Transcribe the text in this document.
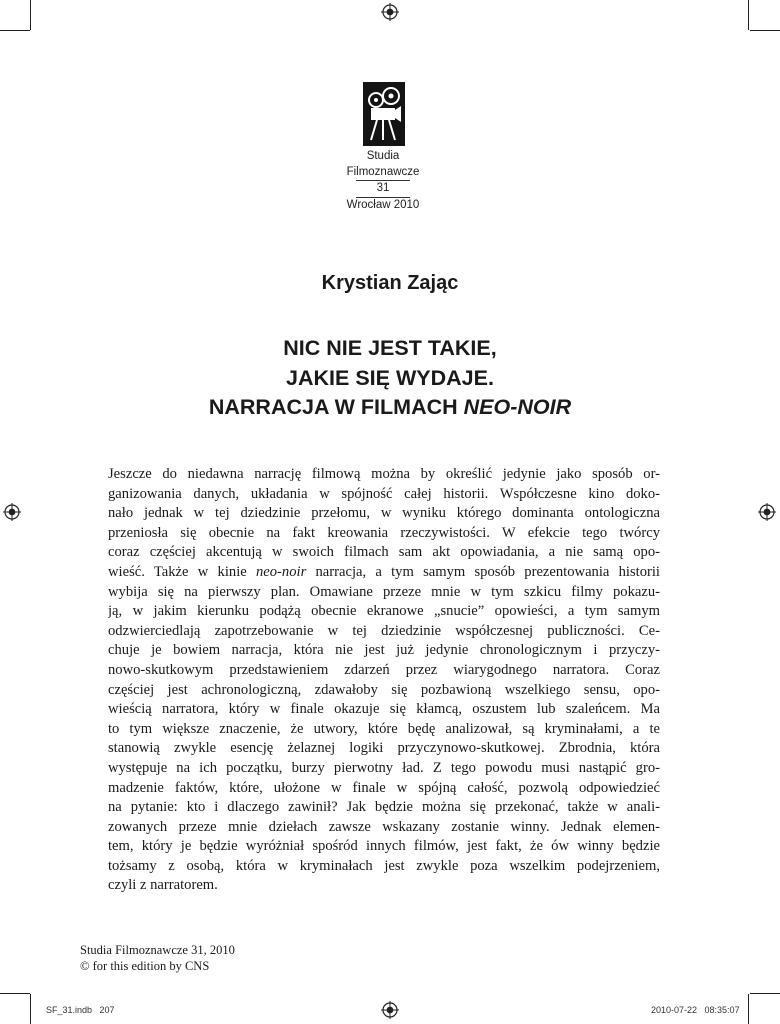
Studia
Filmoznawcze
31
Wrocław 2010
Krystian Zając
NIC NIE JEST TAKIE,
JAKIE SIĘ WYDAJE.
NARRACJA W FILMACH NEO-NOIR
Jeszcze do niedawna narrację filmową można by określić jedynie jako sposób or-
ganizowania danych, układania w spójność całej historii. Współczesne kino doko-
nało jednak w tej dziedzinie przełomu, w wyniku którego dominanta ontologiczna
przeniosła się obecnie na fakt kreowania rzeczywistości. W efekcie tego twórcy
coraz częściej akcentują w swoich filmach sam akt opowiadania, a nie samą opo-
wieść. Także w kinie neo-noir narracja, a tym samym sposób prezentowania historii
wybija się na pierwszy plan. Omawiane przeze mnie w tym szkicu filmy pokazu-
ją, w jakim kierunku podążą obecnie ekranowe „snucie” opowieści, a tym samym
odzwierciedlają zapotrzebowanie w tej dziedzinie współczesnej publiczności. Ce-
chuje je bowiem narracja, która nie jest już jedynie chronologicznym i przyczy-
nowo-skutkowym przedstawieniem zdarzeń przez wiarygodnego narratora. Coraz
częściej jest achronologiczną, zdawałoby się pozbawioną wszelkiego sensu, opo-
wieścią narratora, który w finale okazuje się kłamcą, oszustem lub szaleńcem. Ma
to tym większe znaczenie, że utwory, które będę analizował, są kryminałami, a te
stanowią zwykle esencję żelaznej logiki przyczynowo-skutkowej. Zbrodnia, która
występuje na ich początku, burzy pierwotny ład. Z tego powodu musi nastąpić gro-
madzenie faktów, które, ułożone w finale w spójną całość, pozwolą odpowiedzieć
na pytanie: kto i dlaczego zawinił? Jak będzie można się przekonać, także w anali-
zowanych przeze mnie dziełach zawsze wskazany zostanie winny. Jednak elemen-
tem, który je będzie wyróżniał spośród innych filmów, jest fakt, że ów winny będzie
tożsamy z osobą, która w kryminałach jest zwykle poza wszelkim podejrzeniem,
czyli z narratorem.
Studia Filmoznawcze 31, 2010
© for this edition by CNS
SF_31.indb   207	2010-07-22   08:35:07
